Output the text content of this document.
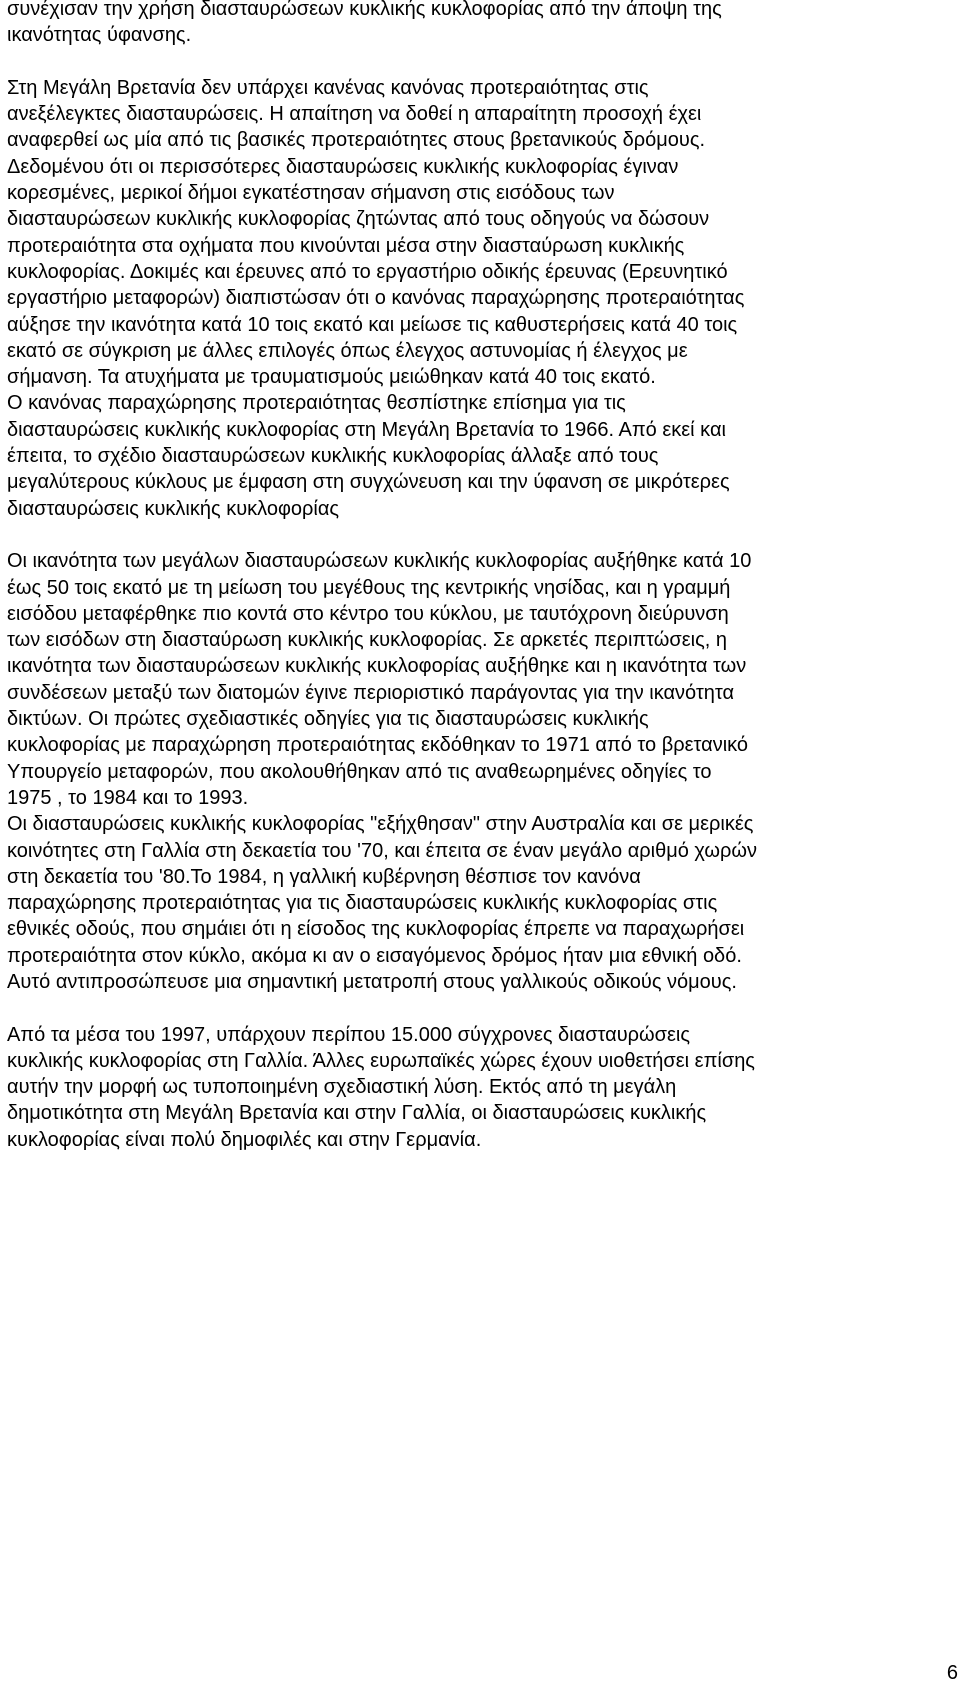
συνέχισαν την χρήση διασταυρώσεων κυκλικής κυκλοφορίας από την άποψη της
ικανότητας ύφανσης.
Στη Μεγάλη Βρετανία δεν υπάρχει κανένας κανόνας προτεραιότητας στις
ανεξέλεγκτες διασταυρώσεις. Η απαίτηση να δοθεί η απαραίτητη προσοχή έχει
αναφερθεί ως μία από τις βασικές προτεραιότητες στους βρετανικούς δρόμους.
Δεδομένου ότι οι περισσότερες διασταυρώσεις κυκλικής κυκλοφορίας έγιναν
κορεσμένες, μερικοί δήμοι εγκατέστησαν σήμανση στις εισόδους των
διασταυρώσεων κυκλικής κυκλοφορίας ζητώντας από τους οδηγούς να δώσουν
προτεραιότητα στα οχήματα που κινούνται μέσα στην διασταύρωση κυκλικής
κυκλοφορίας. Δοκιμές και έρευνες από το εργαστήριο οδικής έρευνας (Ερευνητικό
εργαστήριο μεταφορών) διαπιστώσαν ότι ο κανόνας παραχώρησης προτεραιότητας
αύξησε την ικανότητα κατά 10 τοις εκατό και μείωσε τις καθυστερήσεις κατά 40 τοις
εκατό σε σύγκριση με άλλες επιλογές όπως έλεγχος αστυνομίας ή έλεγχος με
σήμανση. Τα ατυχήματα με τραυματισμούς μειώθηκαν κατά 40 τοις εκατό.
Ο κανόνας παραχώρησης προτεραιότητας θεσπίστηκε επίσημα για τις
διασταυρώσεις κυκλικής κυκλοφορίας στη Μεγάλη Βρετανία το 1966. Από εκεί και
έπειτα, το σχέδιο διασταυρώσεων κυκλικής κυκλοφορίας άλλαξε από τους
μεγαλύτερους κύκλους με έμφαση στη συγχώνευση και την ύφανση σε μικρότερες
διασταυρώσεις κυκλικής κυκλοφορίας
Οι ικανότητα των μεγάλων διασταυρώσεων κυκλικής κυκλοφορίας αυξήθηκε κατά 10
έως 50 τοις εκατό με τη μείωση του μεγέθους της κεντρικής νησίδας, και η γραμμή
εισόδου μεταφέρθηκε πιο κοντά στο κέντρο του κύκλου, με ταυτόχρονη διεύρυνση
των εισόδων στη διασταύρωση κυκλικής κυκλοφορίας. Σε αρκετές περιπτώσεις, η
ικανότητα των διασταυρώσεων κυκλικής κυκλοφορίας αυξήθηκε και η ικανότητα των
συνδέσεων μεταξύ των διατομών έγινε περιοριστικό παράγοντας για την ικανότητα
δικτύων. Οι πρώτες σχεδιαστικές οδηγίες για τις διασταυρώσεις κυκλικής
κυκλοφορίας με παραχώρηση προτεραιότητας εκδόθηκαν το 1971 από το βρετανικό
Υπουργείο μεταφορών, που ακολουθήθηκαν από τις αναθεωρημένες οδηγίες το
1975 , το 1984 και το 1993.
Οι διασταυρώσεις κυκλικής κυκλοφορίας "εξήχθησαν" στην Αυστραλία και σε μερικές
κοινότητες στη Γαλλία στη δεκαετία του '70, και έπειτα σε έναν μεγάλο αριθμό χωρών
στη δεκαετία του '80.Το 1984, η γαλλική κυβέρνηση θέσπισε τον κανόνα
παραχώρησης προτεραιότητας για τις διασταυρώσεις κυκλικής κυκλοφορίας στις
εθνικές οδούς, που σημάιει ότι η είσοδος της κυκλοφορίας έπρεπε να παραχωρήσει
προτεραιότητα στον κύκλο, ακόμα κι αν ο εισαγόμενος δρόμος ήταν μια εθνική οδό.
Αυτό αντιπροσώπευσε μια σημαντική μετατροπή στους γαλλικούς οδικούς νόμους.
Από τα μέσα του 1997, υπάρχουν περίπου 15.000 σύγχρονες διασταυρώσεις
κυκλικής κυκλοφορίας στη Γαλλία. Άλλες ευρωπαϊκές χώρες έχουν υιοθετήσει επίσης
αυτήν την μορφή ως τυποποιημένη σχεδιαστική λύση. Εκτός από τη μεγάλη
δημοτικότητα στη Μεγάλη Βρετανία και στην Γαλλία, οι διασταυρώσεις κυκλικής
κυκλοφορίας είναι πολύ δημοφιλές και στην Γερμανία.
6
